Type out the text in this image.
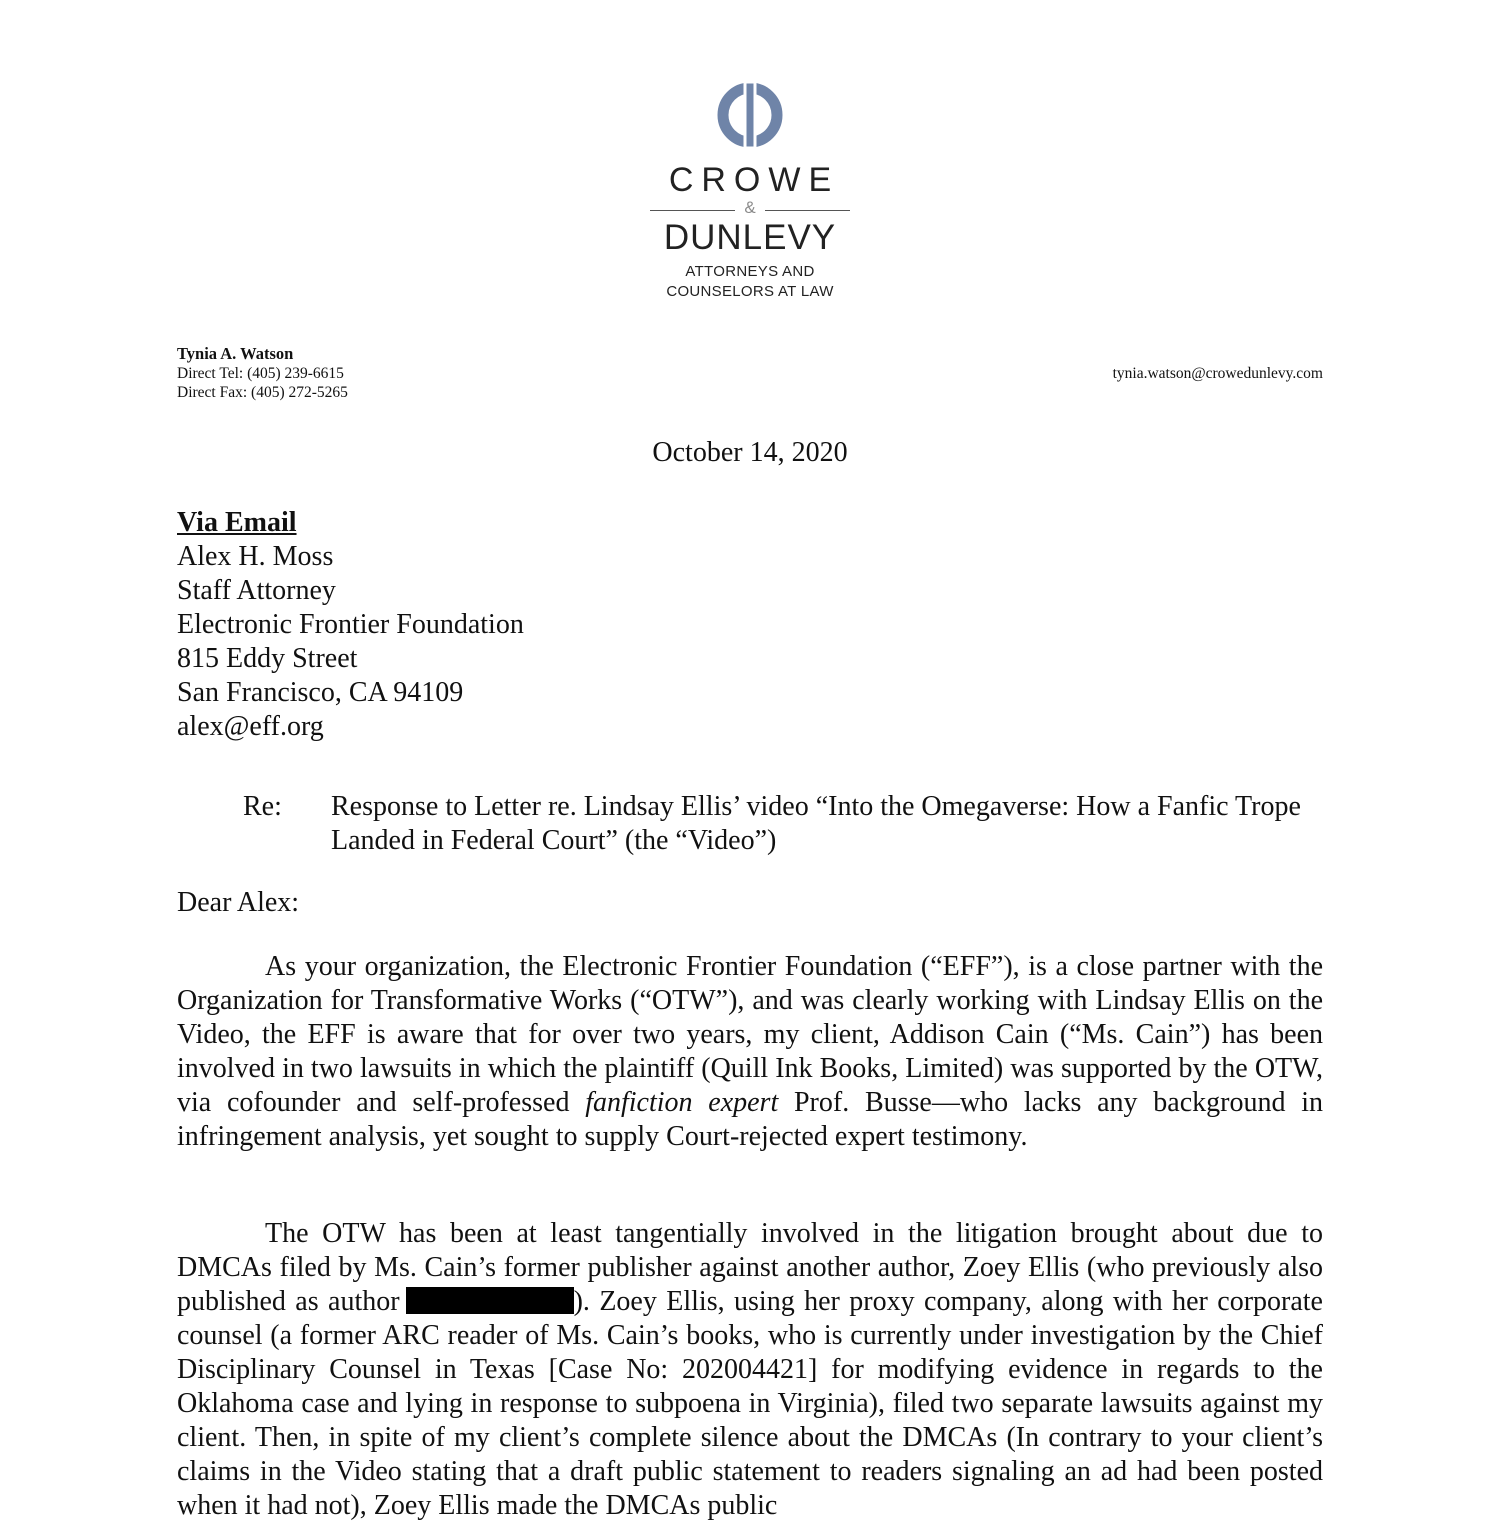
CROWE
&
DUNLEVY
ATTORNEYS AND
COUNSELORS AT LAW
Tynia A. Watson
Direct Tel: (405) 239-6615
Direct Fax: (405) 272-5265
tynia.watson@crowedunlevy.com
October 14, 2020
Via Email
Alex H. Moss
Staff Attorney
Electronic Frontier Foundation
815 Eddy Street
San Francisco, CA 94109
alex@eff.org
Re: Response to Letter re. Lindsay Ellis’ video “Into the Omegaverse: How a Fanfic Trope Landed in Federal Court” (the “Video”)
Dear Alex:
As your organization, the Electronic Frontier Foundation (“EFF”), is a close partner with the Organization for Transformative Works (“OTW”), and was clearly working with Lindsay Ellis on the Video, the EFF is aware that for over two years, my client, Addison Cain (“Ms. Cain”) has been involved in two lawsuits in which the plaintiff (Quill Ink Books, Limited) was supported by the OTW, via cofounder and self-professed fanfiction expert Prof. Busse—who lacks any background in infringement analysis, yet sought to supply Court-rejected expert testimony.
The OTW has been at least tangentially involved in the litigation brought about due to DMCAs filed by Ms. Cain’s former publisher against another author, Zoey Ellis (who previously also published as author	). Zoey Ellis, using her proxy company, along with her corporate counsel (a former ARC reader of Ms. Cain’s books, who is currently under investigation by the Chief Disciplinary Counsel in Texas [Case No: 202004421] for modifying evidence in regards to the Oklahoma case and lying in response to subpoena in Virginia), filed two separate lawsuits against my client. Then, in spite of my client’s complete silence about the DMCAs (In contrary to your client’s claims in the Video stating that a draft public statement to readers signaling an ad had been posted when it had not), Zoey Ellis made the DMCAs public
